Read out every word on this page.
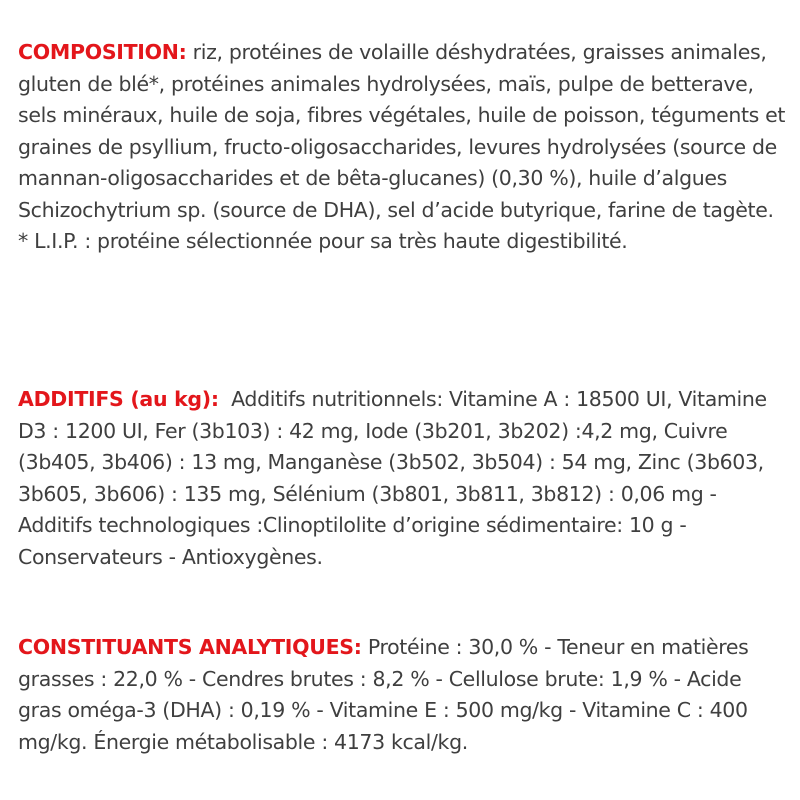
COMPOSITION: riz, protéines de volaille déshydratées, graisses animales, gluten de blé*, protéines animales hydrolysées, maïs, pulpe de betterave, sels minéraux, huile de soja, fibres végétales, huile de poisson, téguments et graines de psyllium, fructo-oligosaccharides, levures hydrolysées (source de mannan-oligosaccharides et de bêta-glucanes) (0,30 %), huile d’algues Schizochytrium sp. (source de DHA), sel d’acide butyrique, farine de tagète. * L.I.P. : protéine sélectionnée pour sa très haute digestibilité.
ADDITIFS (au kg):  Additifs nutritionnels: Vitamine A : 18500 UI, Vitamine D3 : 1200 UI, Fer (3b103) : 42 mg, Iode (3b201, 3b202) :4,2 mg, Cuivre (3b405, 3b406) : 13 mg, Manganèse (3b502, 3b504) : 54 mg, Zinc (3b603, 3b605, 3b606) : 135 mg, Sélénium (3b801, 3b811, 3b812) : 0,06 mg - Additifs technologiques :Clinoptilolite d’origine sédimentaire: 10 g - Conservateurs - Antioxygènes.
CONSTITUANTS ANALYTIQUES: Protéine : 30,0 % - Teneur en matières grasses : 22,0 % - Cendres brutes : 8,2 % - Cellulose brute: 1,9 % - Acide gras oméga-3 (DHA) : 0,19 % - Vitamine E : 500 mg/kg - Vitamine C : 400 mg/kg. Énergie métabolisable : 4173 kcal/kg.
